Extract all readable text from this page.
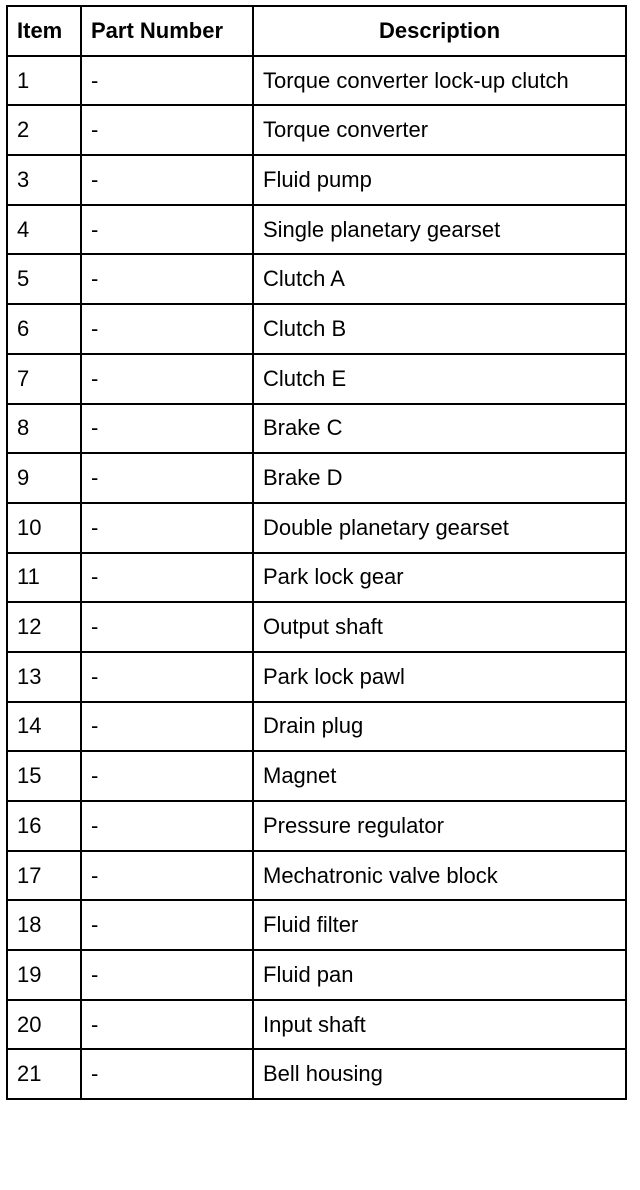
Item	Part Number	Description
1	-	Torque converter lock-up clutch
2	-	Torque converter
3	-	Fluid pump
4	-	Single planetary gearset
5	-	Clutch A
6	-	Clutch B
7	-	Clutch E
8	-	Brake C
9	-	Brake D
10	-	Double planetary gearset
11	-	Park lock gear
12	-	Output shaft
13	-	Park lock pawl
14	-	Drain plug
15	-	Magnet
16	-	Pressure regulator
17	-	Mechatronic valve block
18	-	Fluid filter
19	-	Fluid pan
20	-	Input shaft
21	-	Bell housing
